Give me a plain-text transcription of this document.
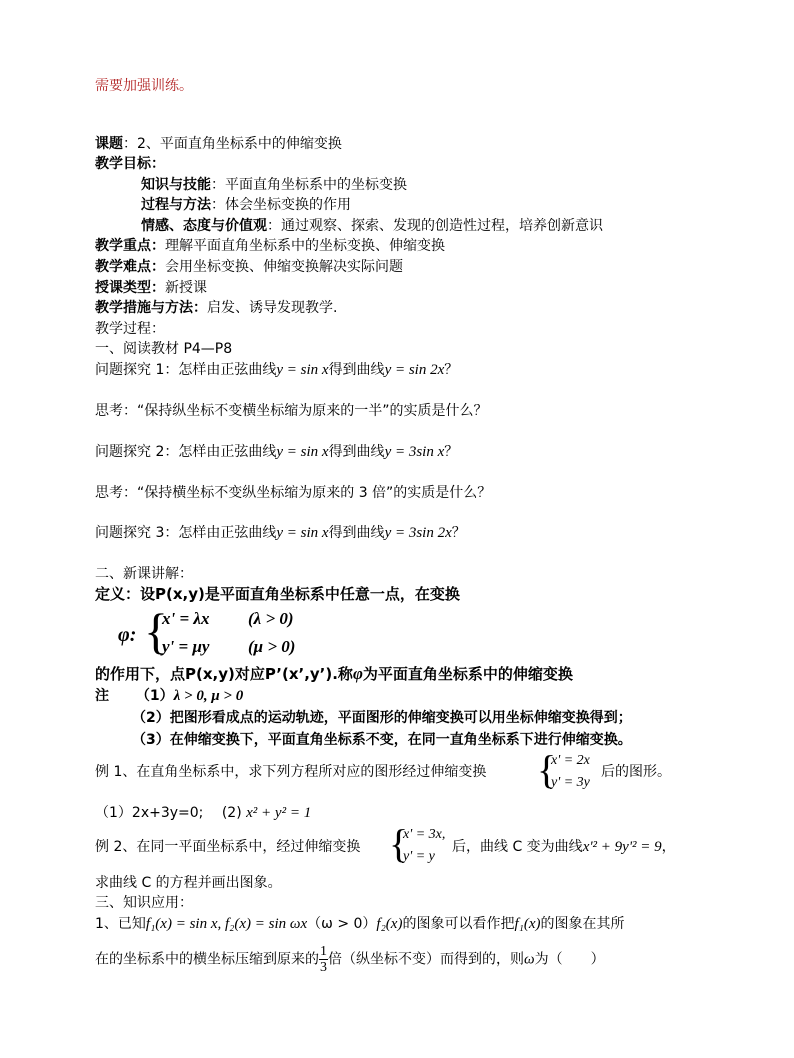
需要加强训练。
课题：2、平面直角坐标系中的伸缩变换
教学目标：
知识与技能：平面直角坐标系中的坐标变换
过程与方法：体会坐标变换的作用
情感、态度与价值观：通过观察、探索、发现的创造性过程，培养创新意识
教学重点：理解平面直角坐标系中的坐标变换、伸缩变换
教学难点：会用坐标变换、伸缩变换解决实际问题
授课类型：新授课
教学措施与方法：启发、诱导发现教学.
教学过程：
一、阅读教材 P4—P8
问题探究 1：怎样由正弦曲线y = sin x得到曲线y = sin 2x？
思考：“保持纵坐标不变横坐标缩为原来的一半”的实质是什么？
问题探究 2：怎样由正弦曲线y = sin x得到曲线y = 3sin x？
思考：“保持横坐标不变纵坐标缩为原来的 3 倍”的实质是什么？
问题探究 3：怎样由正弦曲线y = sin x得到曲线y = 3sin 2x？
二、新课讲解：
定义：设P(x,y)是平面直角坐标系中任意一点，在变换
φ: {
x' = λx (λ > 0)
y' = μy (μ > 0)
的作用下，点P(x,y)对应P’(x’,y’).称φ为平面直角坐标系中的伸缩变换
注 （1）λ > 0, μ > 0
（2）把图形看成点的运动轨迹，平面图形的伸缩变换可以用坐标伸缩变换得到；
（3）在伸缩变换下，平面直角坐标系不变，在同一直角坐标系下进行伸缩变换。
例 1、在直角坐标系中，求下列方程所对应的图形经过伸缩变换 {
x' = 2x
y' = 3y
后的图形。
（1）2x+3y=0; (2) x² + y² = 1
例 2、在同一平面坐标系中，经过伸缩变换 {
x' = 3x,
y' = y
后，曲线 C 变为曲线x'² + 9y'² = 9，
求曲线 C 的方程并画出图象。
三、知识应用：
1、已知f₁(x) = sin x, f₂(x) = sin ωx（ω > 0）f₂(x)的图象可以看作把f₁(x)的图象在其所
在的坐标系中的横坐标压缩到原来的 $\frac{1}{3}$ 倍（纵坐标不变）而得到的，则ω为（　　）
